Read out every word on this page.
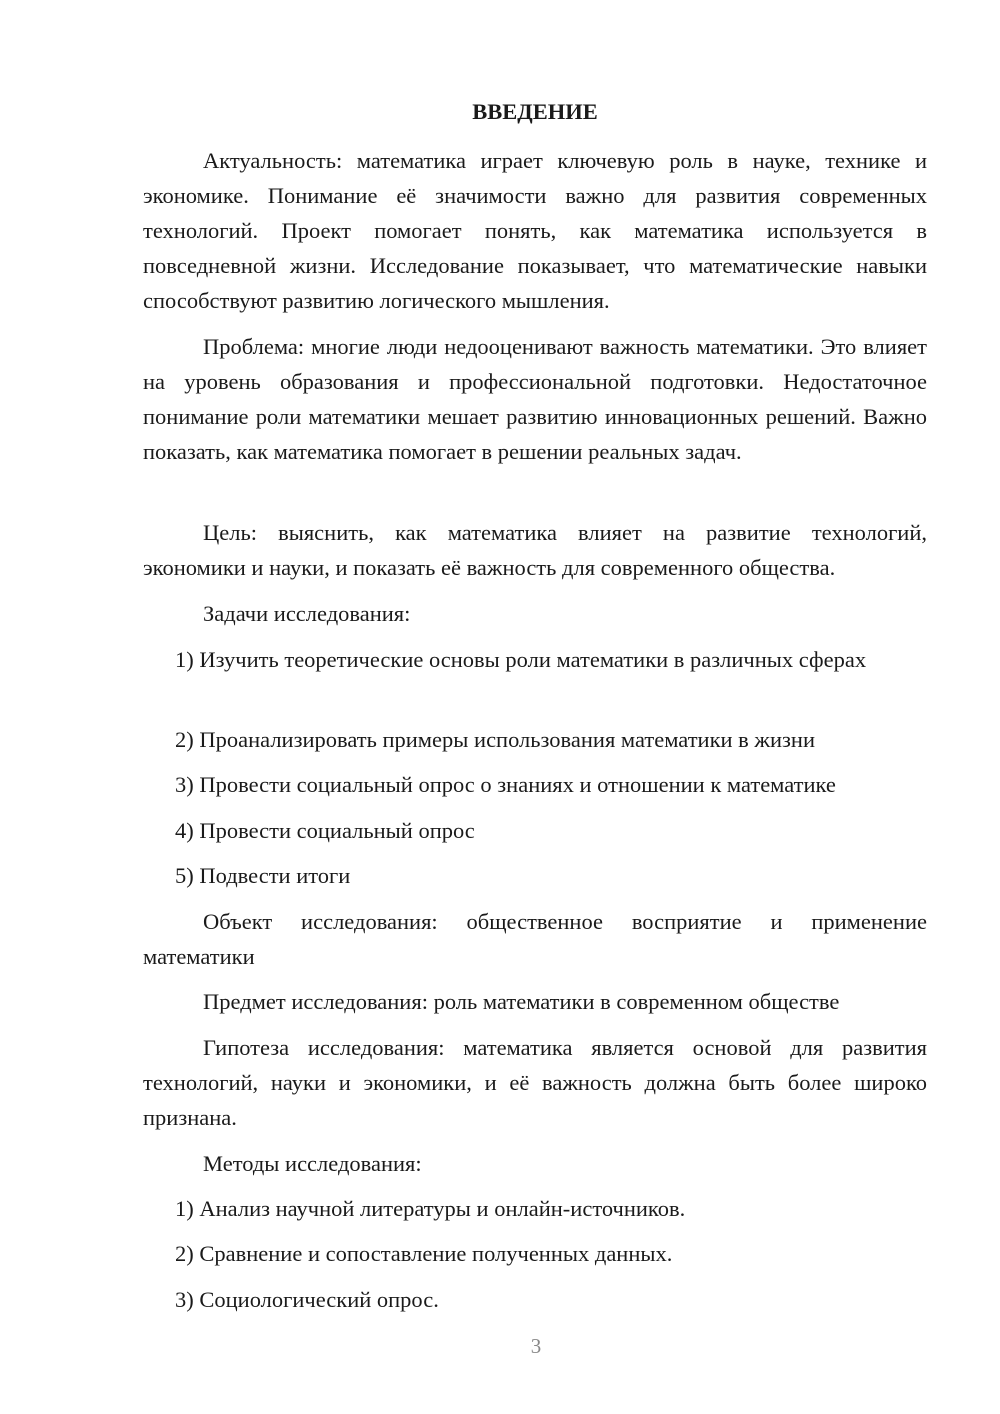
ВВЕДЕНИЕ

Актуальность: математика играет ключевую роль в науке, технике и экономике. Понимание её значимости важно для развития современных технологий. Проект помогает понять, как математика используется в повседневной жизни. Исследование показывает, что математические навыки способствуют развитию логического мышления.

Проблема: многие люди недооценивают важность математики. Это влияет на уровень образования и профессиональной подготовки. Недостаточное понимание роли математики мешает развитию инновационных решений. Важно показать, как математика помогает в решении реальных задач.

Цель: выяснить, как математика влияет на развитие технологий, экономики и науки, и показать её важность для современного общества.

Задачи исследования:

1) Изучить теоретические основы роли математики в различных сферах

2) Проанализировать примеры использования математики в жизни

3) Провести социальный опрос о знаниях и отношении к математике

4) Провести социальный опрос

5) Подвести итоги

Объект исследования: общественное восприятие и применение математики

Предмет исследования: роль математики в современном обществе

Гипотеза исследования: математика является основой для развития технологий, науки и экономики, и её важность должна быть более широко признана.

Методы исследования:

1) Анализ научной литературы и онлайн-источников.

2) Сравнение и сопоставление полученных данных.

3) Социологический опрос.

3
